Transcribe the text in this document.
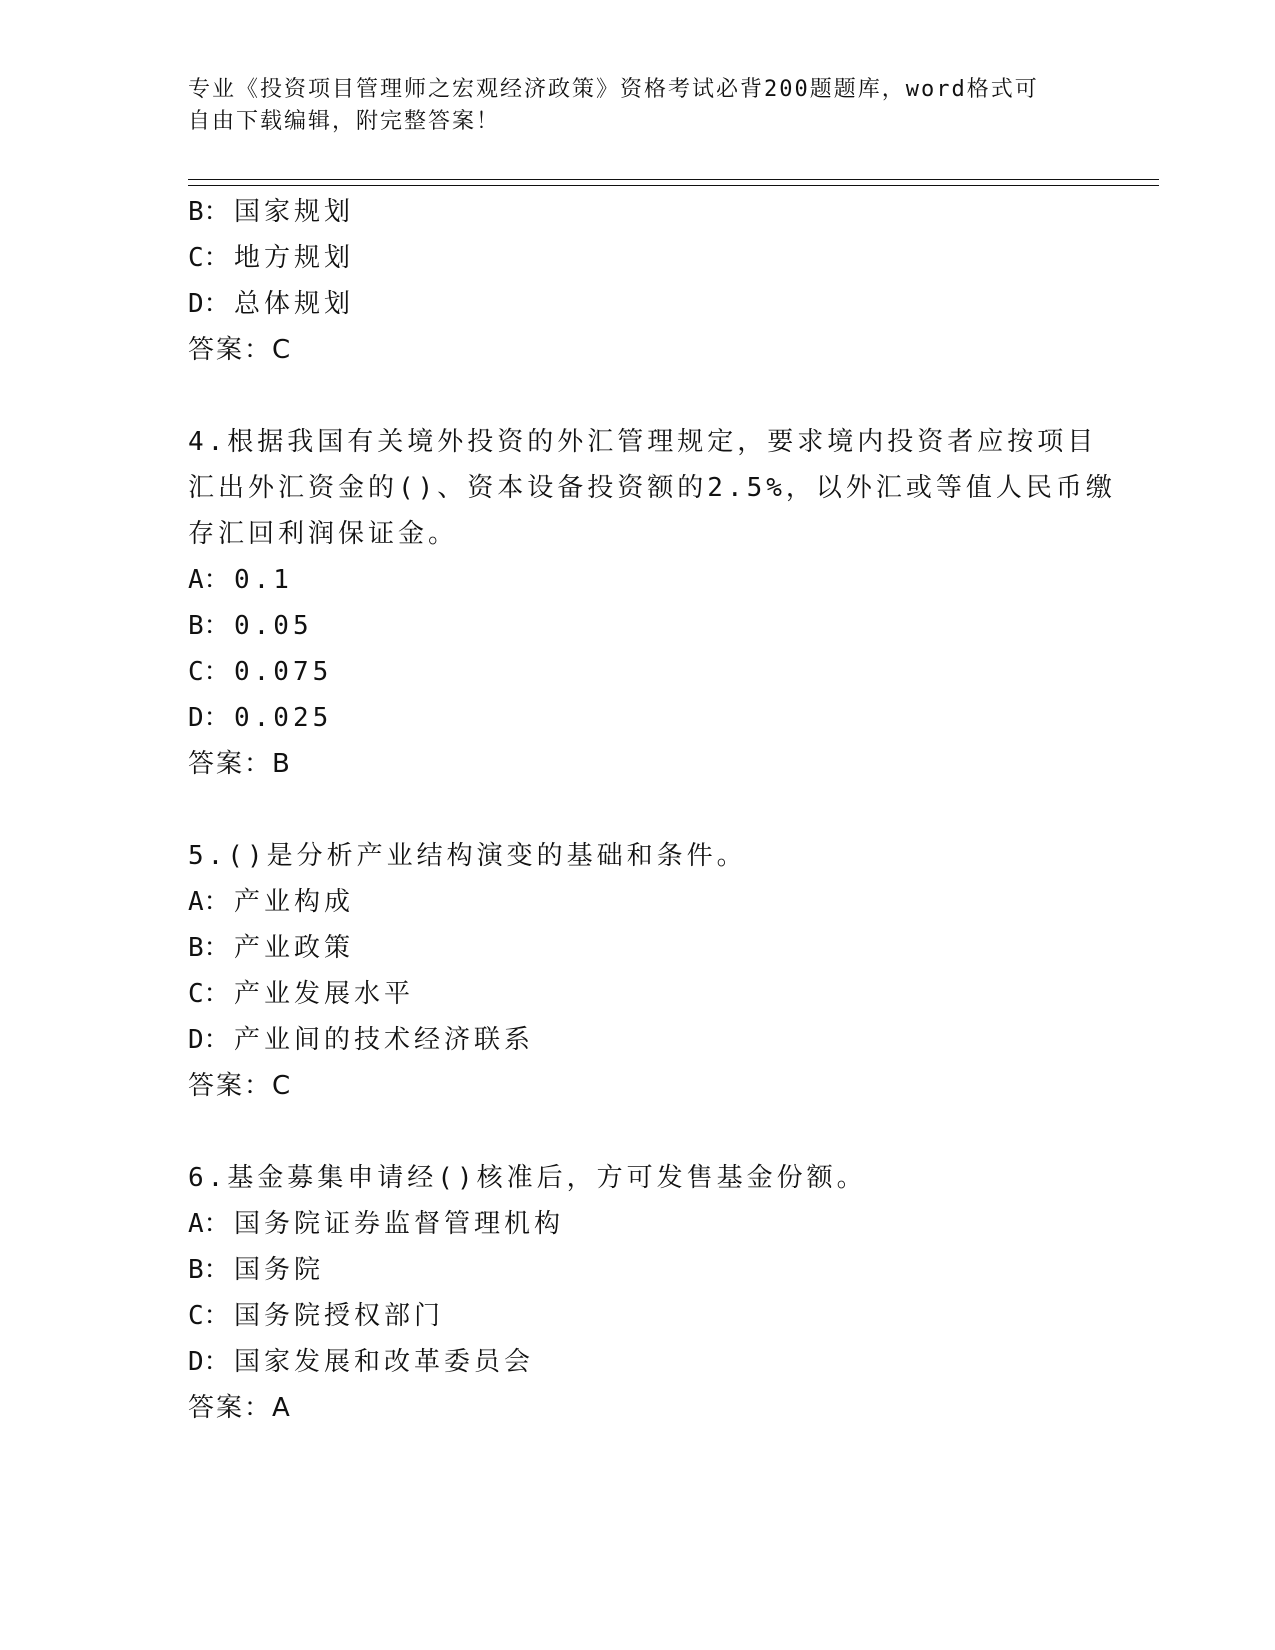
专业《投资项目管理师之宏观经济政策》资格考试必背200题题库，word格式可
自由下载编辑，附完整答案！
B： 国家规划
C： 地方规划
D： 总体规划
答案：C
4.根据我国有关境外投资的外汇管理规定，要求境内投资者应按项目
汇出外汇资金的()、资本设备投资额的2.5%，以外汇或等值人民币缴
存汇回利润保证金。
A： 0.1
B： 0.05
C： 0.075
D： 0.025
答案：B
5.()是分析产业结构演变的基础和条件。
A： 产业构成
B： 产业政策
C： 产业发展水平
D： 产业间的技术经济联系
答案：C
6.基金募集申请经()核准后，方可发售基金份额。
A： 国务院证券监督管理机构
B： 国务院
C： 国务院授权部门
D： 国家发展和改革委员会
答案：A
